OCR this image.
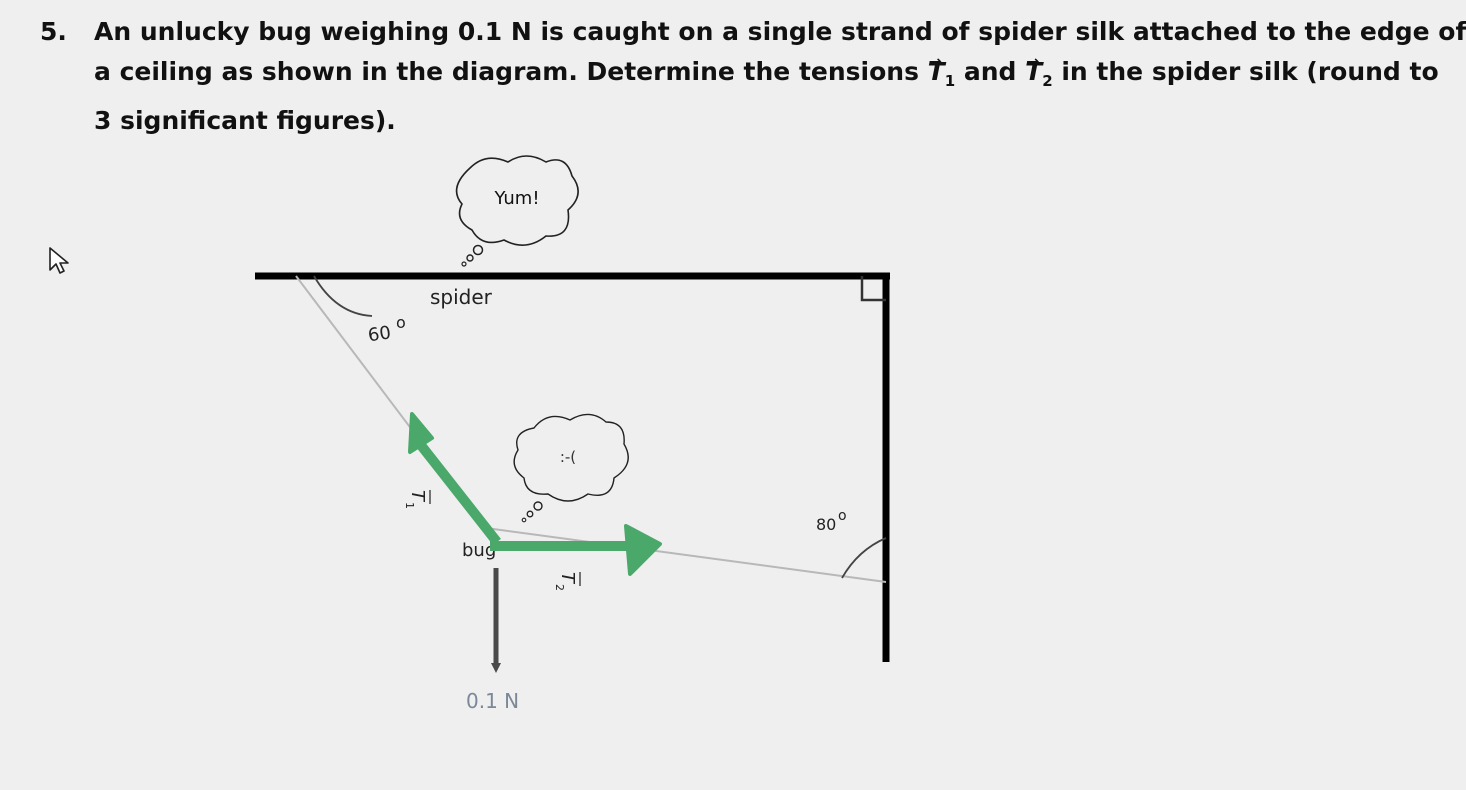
5. An unlucky bug weighing 0.1 N is caught on a single strand of spider silk attached to the edge of
a ceiling as shown in the diagram. Determine the tensions → $T_1$ and → $T_2$ in the spider silk (round to
3 significant figures).
Yum!
:-(
spider
60 o
80 o
T
1
T
2
bug
0.1 N
